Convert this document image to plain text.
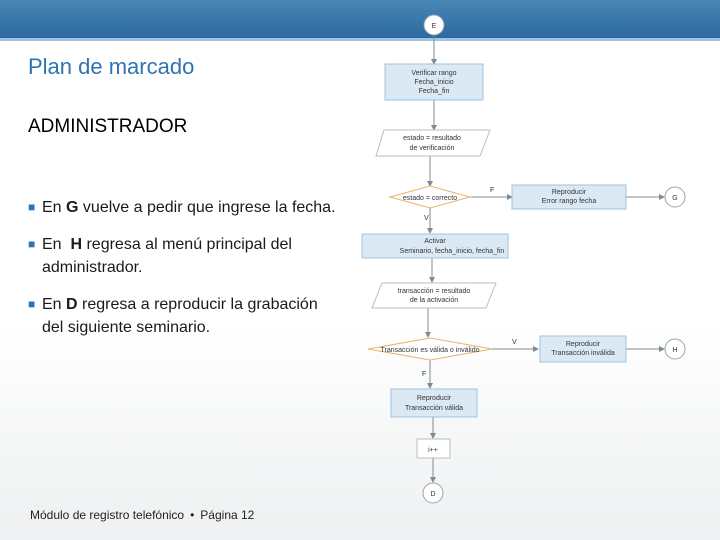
Plan de marcado
ADMINISTRADOR
■ En G vuelve a pedir que ingrese la fecha.
■ En  H regresa al menú principal del administrador.
■ En D regresa a reproducir la grabación del siguiente seminario.
Módulo de registro telefónico • Página 12
E
Verificar rango
Fecha_inicio
Fecha_fin
estado = resultado
de verificación
estado = correcto
F
V
Reproducir
Error rango fecha	G
Activar
Seminario, fecha_inicio, fecha_fin
transacción = resultado
de la activación
Transacción es válida o inválido
V
F
Reproducir
Transacción inválida	H
Reproducir
Transacción válida
i++
D
